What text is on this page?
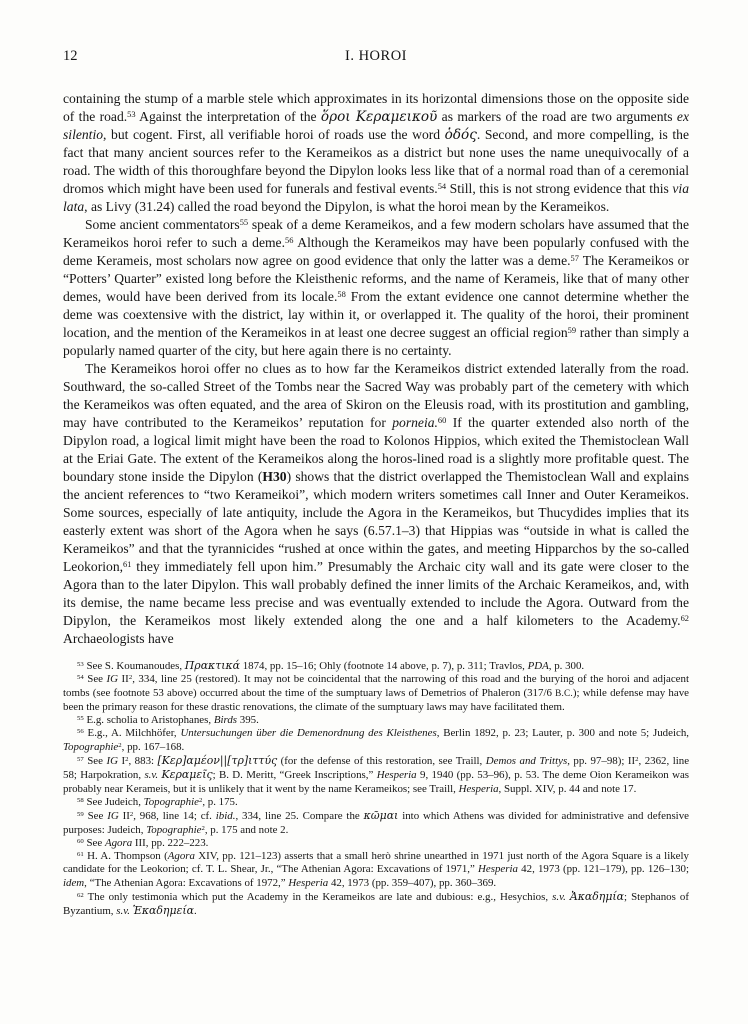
12	I. HOROI

containing the stump of a marble stele which approximates in its horizontal dimensions those on the opposite side of the road.$^{53}$ Against the interpretation of the ὅροι Κεραμεικοῦ as markers of the road are two arguments ex silentio, but cogent. First, all verifiable horoi of roads use the word ὁδός. Second, and more compelling, is the fact that many ancient sources refer to the Kerameikos as a district but none uses the name unequivocally of a road. The width of this thoroughfare beyond the Dipylon looks less like that of a normal road than of a ceremonial dromos which might have been used for funerals and festival events.$^{54}$ Still, this is not strong evidence that this via lata, as Livy (31.24) called the road beyond the Dipylon, is what the horoi mean by the Kerameikos.

Some ancient commentators$^{55}$ speak of a deme Kerameikos, and a few modern scholars have assumed that the Kerameikos horoi refer to such a deme.$^{56}$ Although the Kerameikos may have been popularly confused with the deme Kerameis, most scholars now agree on good evidence that only the latter was a deme.$^{57}$ The Kerameikos or “Potters’ Quarter” existed long before the Kleisthenic reforms, and the name of Kerameis, like that of many other demes, would have been derived from its locale.$^{58}$ From the extant evidence one cannot determine whether the deme was coextensive with the district, lay within it, or overlapped it. The quality of the horoi, their prominent location, and the mention of the Kerameikos in at least one decree suggest an official region$^{59}$ rather than simply a popularly named quarter of the city, but here again there is no certainty.

The Kerameikos horoi offer no clues as to how far the Kerameikos district extended laterally from the road. Southward, the so-called Street of the Tombs near the Sacred Way was probably part of the cemetery with which the Kerameikos was often equated, and the area of Skiron on the Eleusis road, with its prostitution and gambling, may have contributed to the Kerameikos’ reputation for porneia.$^{60}$ If the quarter extended also north of the Dipylon road, a logical limit might have been the road to Kolonos Hippios, which exited the Themistoclean Wall at the Eriai Gate. The extent of the Kerameikos along the horos-lined road is a slightly more profitable quest. The boundary stone inside the Dipylon (H30) shows that the district overlapped the Themistoclean Wall and explains the ancient references to “two Kerameikoi”, which modern writers sometimes call Inner and Outer Kerameikos. Some sources, especially of late antiquity, include the Agora in the Kerameikos, but Thucydides implies that its easterly extent was short of the Agora when he says (6.57.1–3) that Hippias was “outside in what is called the Kerameikos” and that the tyrannicides “rushed at once within the gates, and meeting Hipparchos by the so-called Leokorion,$^{61}$ they immediately fell upon him.” Presumably the Archaic city wall and its gate were closer to the Agora than to the later Dipylon. This wall probably defined the inner limits of the Archaic Kerameikos, and, with its demise, the name became less precise and was eventually extended to include the Agora. Outward from the Dipylon, the Kerameikos most likely extended along the one and a half kilometers to the Academy.$^{62}$ Archaeologists have

$^{53}$ See S. Koumanoudes, Πρακτικά 1874, pp. 15–16; Ohly (footnote 14 above, p. 7), p. 311; Travlos, PDA, p. 300.

$^{54}$ See IG $II^2$, 334, line 25 (restored). It may not be coincidental that the narrowing of this road and the burying of the horoi and adjacent tombs (see footnote 53 above) occurred about the time of the sumptuary laws of Demetrios of Phaleron (317/6 B.C.); while defense may have been the primary reason for these drastic renovations, the climate of the sumptuary laws may have facilitated them.

$^{55}$ E.g. scholia to Aristophanes, Birds 395.

$^{56}$ E.g., A. Milchhöfer, Untersuchungen über die Demenordnung des Kleisthenes, Berlin 1892, p. 23; Lauter, p. 300 and note 5; Judeich, Topographie$^2$, pp. 167–168.

$^{57}$ See IG $I^2$, 883: [Κερ]αμέον||[τρ]ιττύς (for the defense of this restoration, see Traill, Demos and Trittys, pp. 97–98); $II^2$, 2362, line 58; Harpokration, s.v. Κεραμεῖς; B. D. Meritt, “Greek Inscriptions,” Hesperia 9, 1940 (pp. 53–96), p. 53. The deme Oion Kerameikon was probably near Kerameis, but it is unlikely that it went by the name Kerameikos; see Traill, Hesperia, Suppl. XIV, p. 44 and note 17.

$^{58}$ See Judeich, Topographie$^2$, p. 175.

$^{59}$ See IG $II^2$, 968, line 14; cf. ibid., 334, line 25. Compare the κῶμαι into which Athens was divided for administrative and defensive purposes: Judeich, Topographie$^2$, p. 175 and note 2.

$^{60}$ See Agora III, pp. 222–223.

$^{61}$ H. A. Thompson (Agora XIV, pp. 121–123) asserts that a small herò shrine unearthed in 1971 just north of the Agora Square is a likely candidate for the Leokorion; cf. T. L. Shear, Jr., “The Athenian Agora: Excavations of 1971,” Hesperia 42, 1973 (pp. 121–179), pp. 126–130; idem, “The Athenian Agora: Excavations of 1972,” Hesperia 42, 1973 (pp. 359–407), pp. 360–369.

$^{62}$ The only testimonia which put the Academy in the Kerameikos are late and dubious: e.g., Hesychios, s.v. Ἀκαδημία; Stephanos of Byzantium, s.v. Ἑκαδημεία.
